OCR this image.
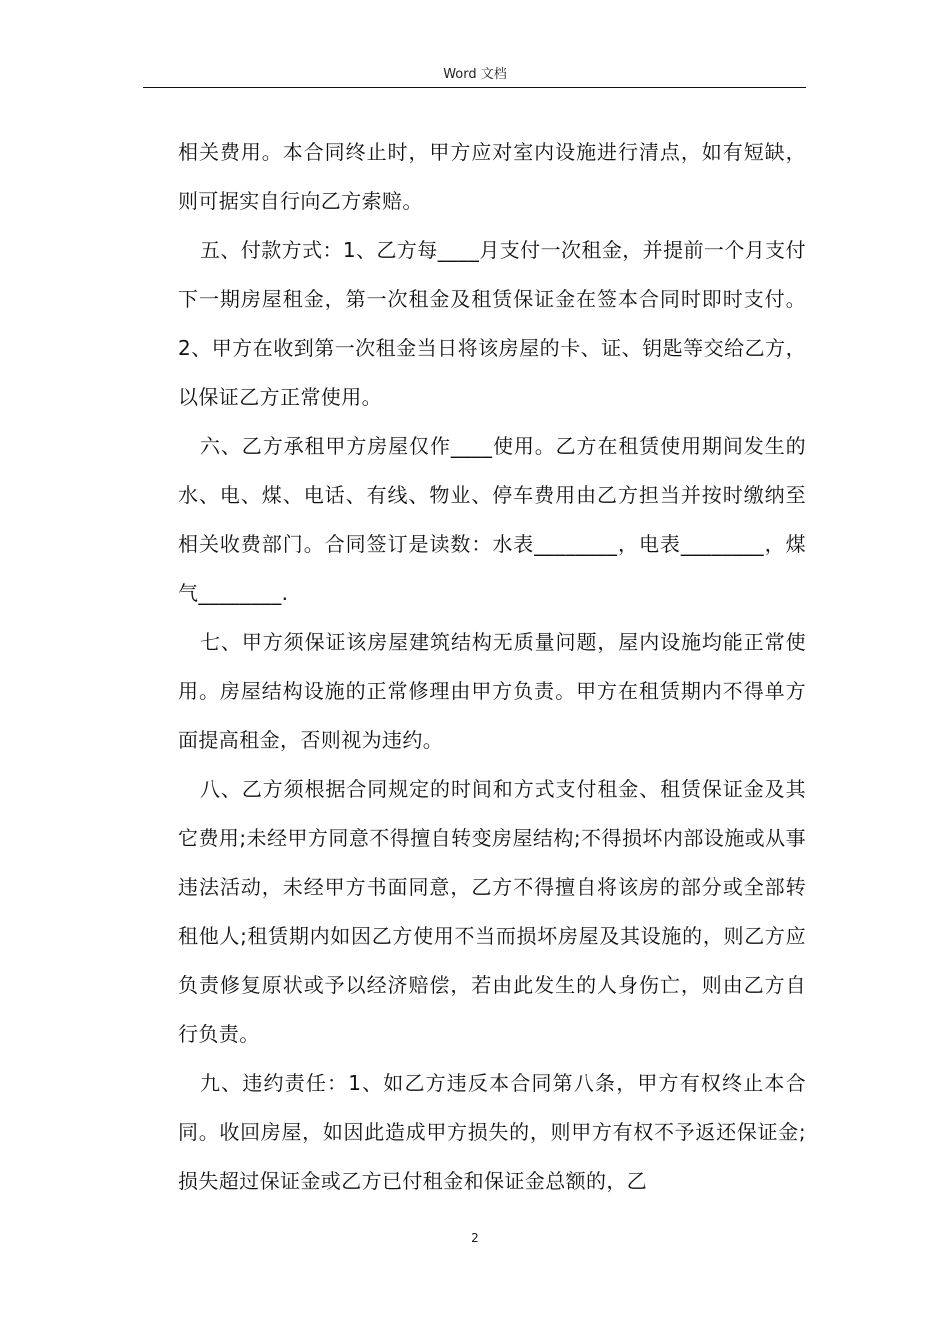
Word 文档

相关费用。本合同终止时，甲方应对室内设施进行清点，如有短缺，则可据实自行向乙方索赔。

五、付款方式：1、乙方每____月支付一次租金，并提前一个月支付下一期房屋租金，第一次租金及租赁保证金在签本合同时即时支付。2、甲方在收到第一次租金当日将该房屋的卡、证、钥匙等交给乙方，以保证乙方正常使用。

六、乙方承租甲方房屋仅作____使用。乙方在租赁使用期间发生的水、电、煤、电话、有线、物业、停车费用由乙方担当并按时缴纳至相关收费部门。合同签订是读数：水表________，电表________，煤气________.

七、甲方须保证该房屋建筑结构无质量问题，屋内设施均能正常使用。房屋结构设施的正常修理由甲方负责。甲方在租赁期内不得单方面提高租金，否则视为违约。

八、乙方须根据合同规定的时间和方式支付租金、租赁保证金及其它费用;未经甲方同意不得擅自转变房屋结构;不得损坏内部设施或从事违法活动，未经甲方书面同意，乙方不得擅自将该房的部分或全部转租他人;租赁期内如因乙方使用不当而损坏房屋及其设施的，则乙方应负责修复原状或予以经济赔偿，若由此发生的人身伤亡，则由乙方自行负责。

九、违约责任：1、如乙方违反本合同第八条，甲方有权终止本合同。收回房屋，如因此造成甲方损失的，则甲方有权不予返还保证金;损失超过保证金或乙方已付租金和保证金总额的，乙

2
